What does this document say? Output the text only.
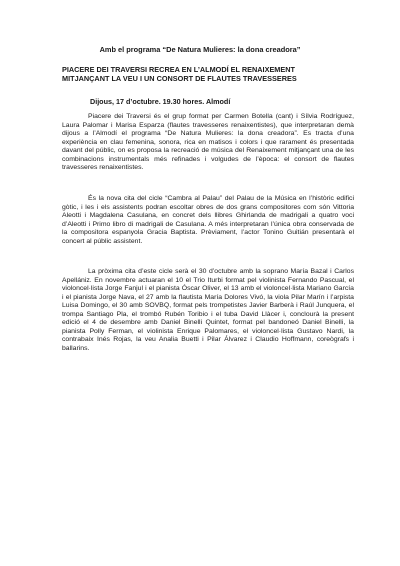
Amb el programa “De Natura Mulieres: la dona creadora”
PIACERE DEI TRAVERSI RECREA EN L’ALMODÍ EL RENAIXEMENT
MITJANÇANT LA VEU I UN CONSORT DE FLAUTES TRAVESSERES
Dijous, 17 d’octubre. 19.30 hores. Almodí

Piacere dei Traversi és el grup format per Carmen Botella (cant) i Sílvia Rodríguez, Laura Palomar i Marisa Esparza (flautes travesseres renaixentistes), que interpretaran demà dijous a l’Almodí el programa “De Natura Mulieres: la dona creadora”. Es tracta d’una experiència en clau femenina, sonora, rica en matisos i colors i que rarament és presentada davant del públic, on es proposa la recreació de música del Renaixement mitjançant una de les combinacions instrumentals més refinades i volgudes de l’època: el consort de flautes travesseres renaixentistes.

És la nova cita del cicle “Cambra al Palau” del Palau de la Música en l’històric edifici gòtic, i les i els assistents podran escoltar obres de dos grans compositores com són Vittoria Aleotti i Magdalena Casulana, en concret dels llibres Ghirlanda de madrigali a quatro voci d’Aleotti i Primo libro di madrigali de Casulana. A més interpretaran l’única obra conservada de la compositora espanyola Gracia Baptista. Prèviament, l’actor Tonino Guitián presentarà el concert al públic assistent.

La pròxima cita d’este cicle serà el 30 d’octubre amb la soprano María Bazal i Carlos Apellániz. En novembre actuaran el 10 el Trio Iturbi format pel violinista Fernando Pascual, el violoncel·lista Jorge Fanjul i el pianista Óscar Oliver, el 13 amb el violoncel·lista Mariano García i el pianista Jorge Nava, el 27 amb la flautista María Dolores Vivó, la viola Pilar Marín i l’arpista Luisa Domingo, el 30 amb SOVBQ, format pels trompetistes Javier Barberà i Raúl Junquera, el trompa Santiago Pla, el trombó Rubén Toribio i el tuba David Llàcer i, conclourà la present edició el 4 de desembre amb Daniel Binelli Quintet, format pel bandoneó Daniel Binelli, la pianista Polly Ferman, el violinista Enrique Palomares, el violoncel·lista Gustavo Nardi, la contrabaix Inés Rojas, la veu Analia Buetti i Pilar Álvarez i Claudio Hoffmann, coreògrafs i ballarins.
